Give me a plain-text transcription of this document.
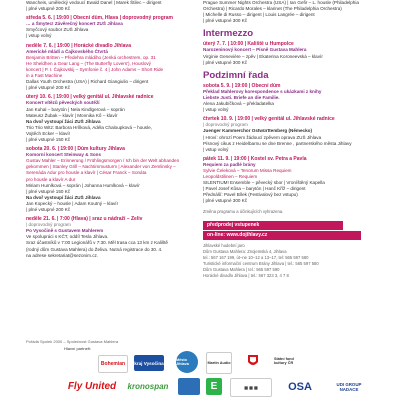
Wancheis, umělecký vedoucí Ewald Danel | Marek Štilec – dirigent

| plné vstupné 200 Kč

středa 5. 6. | 19:00 | Obecní dům, Hlava | doprovodný program

… a Šmytec! Závěrečný koncert ZUŠ Jihlava

Smyčcový soubor ZUŠ Jihlava

| vstup volný

neděle 7. 6. | 19:00 | Horácké divadlo Jihlava

Americké mládí a Čajkovského Čtvrtá

Benjamin Britten – Předehra mládiho (Jenká orchestrem, op. 31

He Sheldhen a Gear Lang – (The Butterfly Lovers'), Houslový

koncert | P. I. Čajkovskij – Symfonie č. 4 | John Adams – Short Ride

in a Fast Machine

Dallas Youth Orchestra (USA) | Richard Giangiulio – dirigent

| plné vstupné 200 Kč

úterý 10. 6. | 19:00 | velký genitál ul. Jihlavské radnice

Koncert vítězů pěveckých soutěží

Jan Kuhal – barytón | Nela Kindlgerová – soprán

Mateusz Žubak – klavír | Monnika Kő – klavír

Na dvoř vystoupí žáci ZUŠ Jihlava

Trio Trio Witz: Barbora Hrílková, Adéla Chaloupková – housle,

Vojtěch Ecker – klavír

| plné vstupné 150 Kč

sobota 20. 6. | 19:00 | Dům kultury Jihlava

Komorní koncert Steinway & Sons

Gustav Mahler – Erinnerung / Frühlingsmorgen / Ich bin der Welt abhanden

gekommen | Stanley Grill – Nachtimmusturm | Alexander von Zemlinsky –

Serenáda Adur pro housle a klavír | César Franck – Sonáta

pro housle a klavír A dur

Miriam Humlková – soprán | Johanna Humlková – klavír

| plné vstupné 150 Kč

Na dvoř vystoupí žáci ZUŠ Jihlava

Jan Kopecký – housle | Adam Koutný – klavír

| plné vstupné 200 Kč

neděle 21. 6. | 7:00 (Hlava) | sraz u nádraží – Želiv

| doprovodný program

Po Vysočině s Gustavem Mahlerem

Ve spolupráci s KČT, oddíl Tesla Jihlava.

Sraz účastníků v 7:00 Legionářů v 7:30. Měl trasa cca 13 km z Kaliště

(rodný dům Gustava Mahlera) do Želiva. Nutná registrace do 30. 4.

na adrese sekretariat@sezonim.cz.

Prague Summer Nights Orchestra (USA) | Ian Gefir – L. housle (Philadelphia

Orchestra) | Ricardo Morales – klarinet (The Philadelphia Orchestra)

| Michelle di Russo – dirigent | Louis Langrée – dirigent

| plné vstupné 300 Kč

Intermezzo

úterý 7. 7. | 10:00 | Kaliště u Humpolce

Narozeninový koncert – Písně Gustava Mahlera

Virginie Genevière – zpěv | Ekaterina Koroneevská – klavír

| plné vstupné 300 Kč

Podzimní řada

sobota 5. 9. | 19:00 | Obecní dům

Překlad Mahlerovy korespondence s ukázkami z knihy

Liebste Justi. Briefe an die Familie.

Alena Jakubíčková – překladatelka

| vstup volný

čtvrtek 10. 9. | 19:00 | velký genitál ul. Jihlavské radnice

| doprovodný program

Juenger Kammerchor Ostwürttemberg (Německo)

| Hroví: ohrozí Poem žádoucí zpěvem oprava ZUŠ Jihlava

Písnový cikus z Heidelbarnu se dne Brenne , partnerského města Jihlavy

| vstup volný

pátek 11. 9. | 19:00 | Kostel sv. Petra a Pavla

Requiem za padlé brány

Sylvie Čeleková – Tenorum Missa Requiem

Leopoldstilinen – Requiem

SILENTIUM! Ensemble – pěvecký sbor | Vroníštěný Kapella

| Pavel Josef Kůsa – barytón | Hanč Kříž – dirigent

Přednáší: Pavel Bílek (Festivalový bez vstupu)

| plné vstupné 300 Kč

Změna programu a účinkujících vyhrazena.

předprodej vstupenek
on-line: www.dojihlavy.cz

Jihlavské hudební jaro

Dům Gustava Mahlera: Znojemská 4, Jihlava

tel.: 567 167 199, út–ne 10–12 a 13–17, tel: 565 597 580

Turistické informační centrum Brány Jihlava | tel.: 565 597 580

Dům Gustava Mahlera | tel.: 565 597 590

Horácké divadlo Jihlava | tel.: 567 323 3, 4 7 8

Pořádá Spolek 2000 – Společnost Gustava Mahlera
Hlavní partneři:
Bohemian kraj Vysočina
Město Jihlava	Martin Audio
Státní fond kultury ČR
Fly United kronospan	E	▦ ▦ ▦	OSA	UDI GROUP NADACE
